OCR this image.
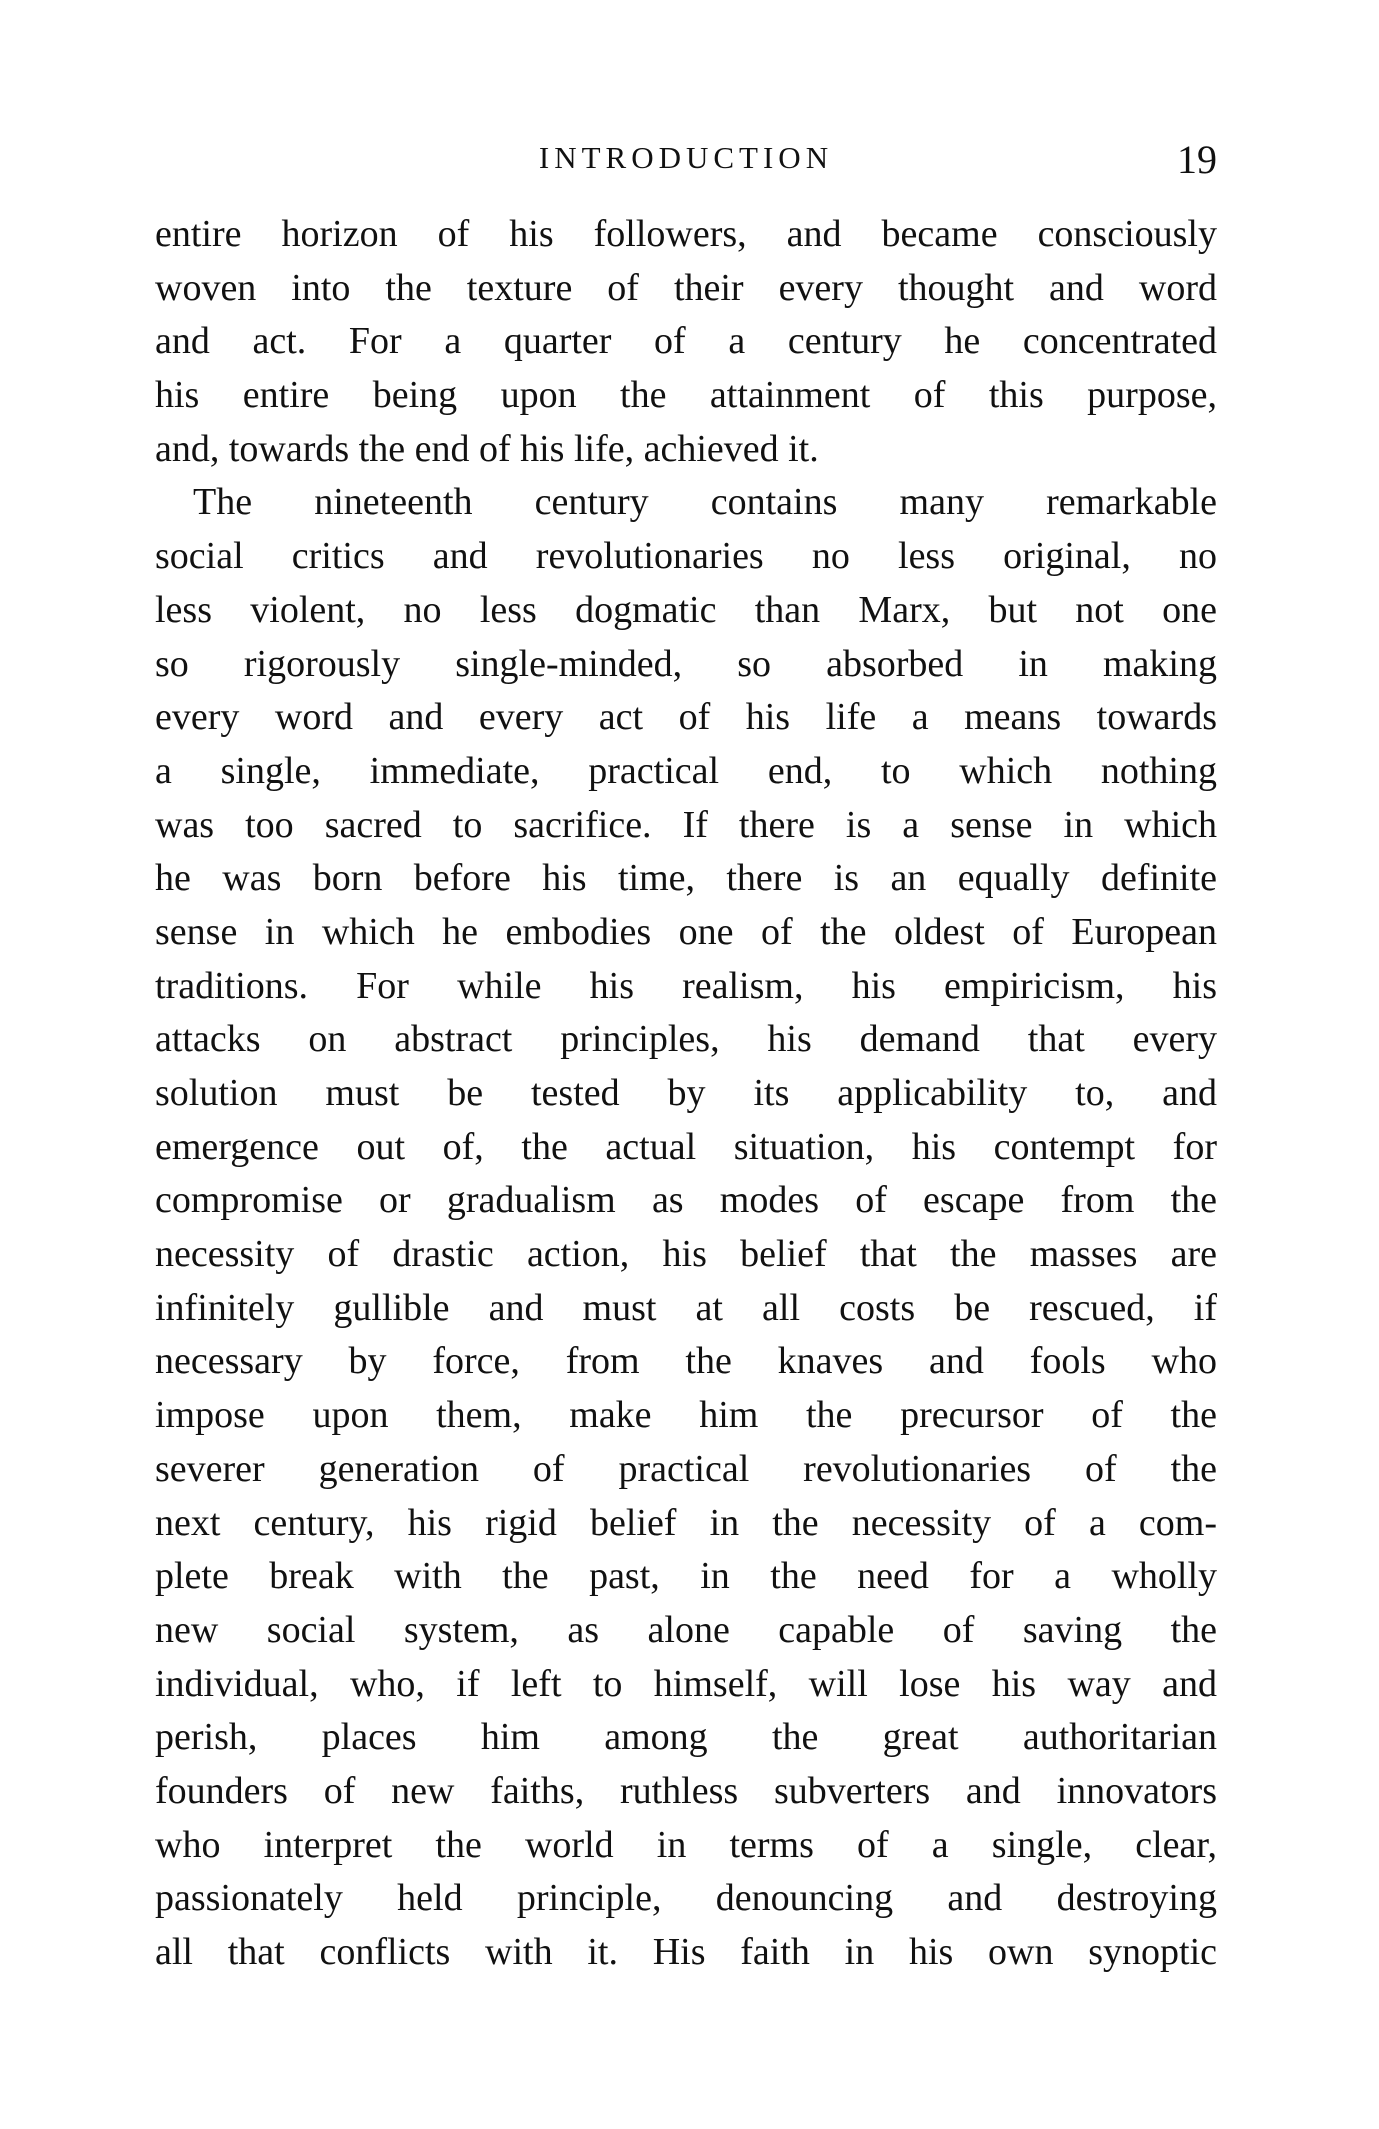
INTRODUCTION	19
entire horizon of his followers, and became consciously
woven into the texture of their every thought and word
and act. For a quarter of a century he concentrated
his entire being upon the attainment of this purpose,
and, towards the end of his life, achieved it.
The nineteenth century contains many remarkable
social critics and revolutionaries no less original, no
less violent, no less dogmatic than Marx, but not one
so rigorously single-minded, so absorbed in making
every word and every act of his life a means towards
a single, immediate, practical end, to which nothing
was too sacred to sacrifice. If there is a sense in which
he was born before his time, there is an equally definite
sense in which he embodies one of the oldest of European
traditions. For while his realism, his empiricism, his
attacks on abstract principles, his demand that every
solution must be tested by its applicability to, and
emergence out of, the actual situation, his contempt for
compromise or gradualism as modes of escape from the
necessity of drastic action, his belief that the masses are
infinitely gullible and must at all costs be rescued, if
necessary by force, from the knaves and fools who
impose upon them, make him the precursor of the
severer generation of practical revolutionaries of the
next century, his rigid belief in the necessity of a com-
plete break with the past, in the need for a wholly
new social system, as alone capable of saving the
individual, who, if left to himself, will lose his way and
perish, places him among the great authoritarian
founders of new faiths, ruthless subverters and innovators
who interpret the world in terms of a single, clear,
passionately held principle, denouncing and destroying
all that conflicts with it. His faith in his own synoptic
